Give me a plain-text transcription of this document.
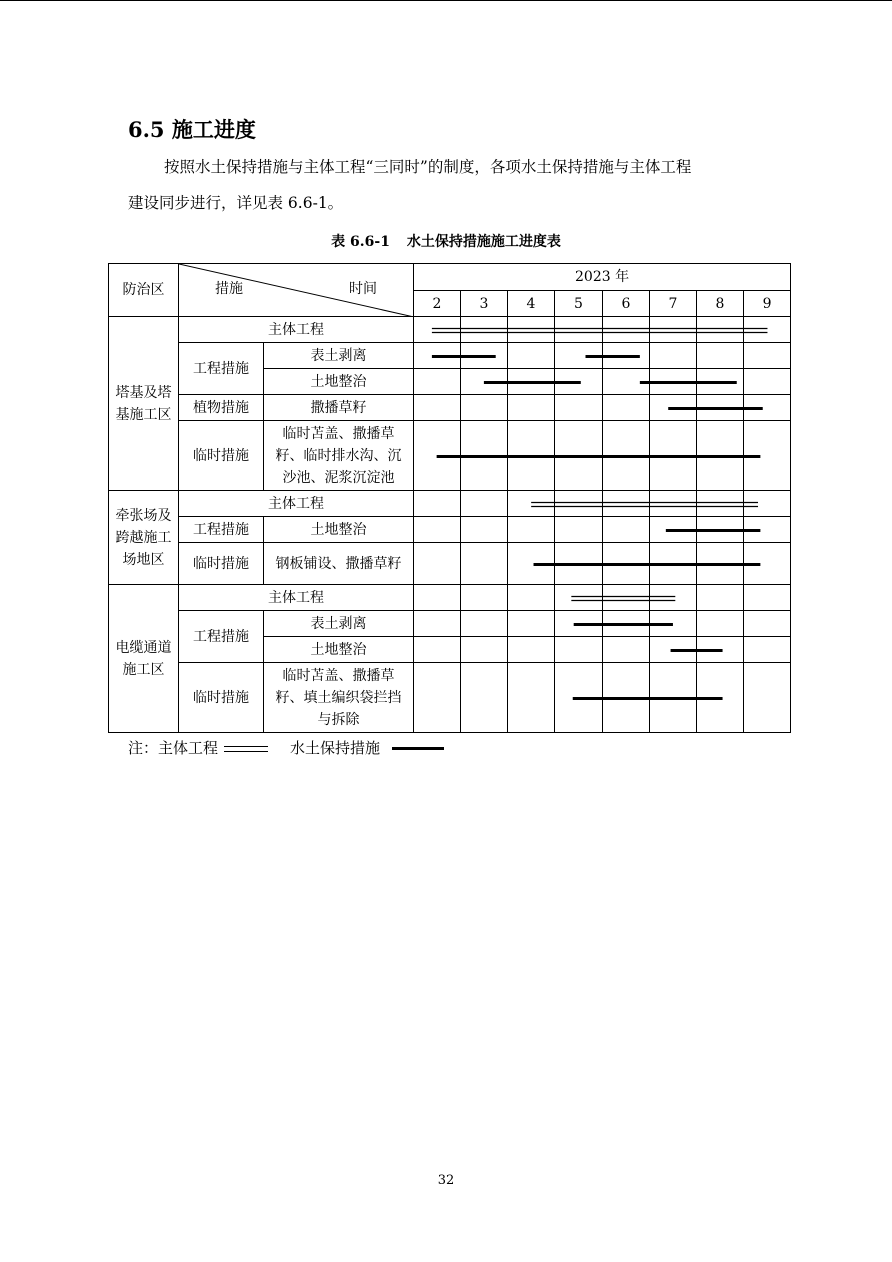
6.5 施工进度
按照水土保持措施与主体工程“三同时”的制度，各项水土保持措施与主体工程
建设同步进行，详见表 6.6-1。
表 6.6-1 水土保持措施施工进度表
防治区	措施 时间		2023 年							
			2	3	4	5	6	7	8	9
塔基及塔基施工区	主体工程									
	工程措施	表土剥离								
		土地整治								
	植物措施	撒播草籽								
	临时措施	临时苫盖、撒播草籽、临时排水沟、沉沙池、泥浆沉淀池								
牵张场及跨越施工场地区	主体工程									
	工程措施	土地整治								
	临时措施	钢板铺设、撒播草籽								
电缆通道施工区	主体工程									
	工程措施	表土剥离								
		土地整治								
	临时措施	临时苫盖、撒播草籽、填土编织袋拦挡与拆除								
注：主体工程	水土保持措施
32
